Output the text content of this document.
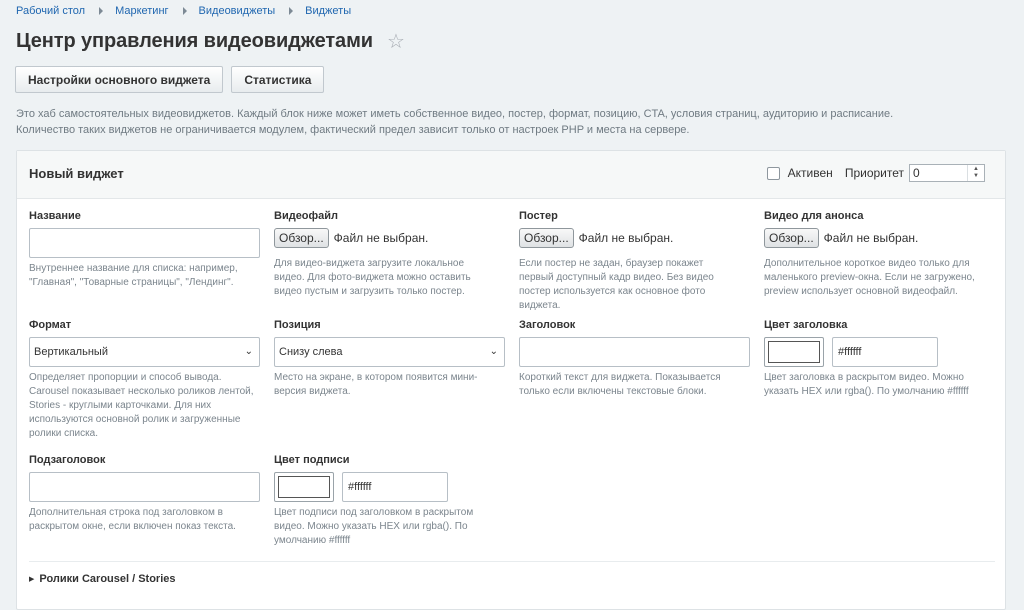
Рабочий стол	Маркетинг	Видеовиджеты	Виджеты
Центр управления видеовиджетами ☆
Настройки основного виджета	Статистика
Это хаб самостоятельных видеовиджетов. Каждый блок ниже может иметь собственное видео, постер, формат, позицию, CTA, условия страниц, аудиторию и расписание.
Количество таких виджетов не ограничивается модулем, фактический предел зависит только от настроек PHP и места на сервере.
Новый виджет	Активен Приоритет 0	▲
▼
Название
Внутреннее название для списка: например, "Главная", "Товарные страницы", "Лендинг".
Видеофайл
Обзор... Файл не выбран.
Для видео-виджета загрузите локальное видео. Для фото-виджета можно оставить видео пустым и загрузить только постер.
Постер
Обзор... Файл не выбран.
Если постер не задан, браузер покажет первый доступный кадр видео. Без видео постер используется как основное фото виджета.
Видео для анонса
Обзор... Файл не выбран.
Дополнительное короткое видео только для маленького preview-окна. Если не загружено, preview использует основной видеофайл.
Формат
Вертикальный	⌄
Определяет пропорции и способ вывода. Carousel показывает несколько роликов лентой, Stories - круглыми карточками. Для них используются основной ролик и загруженные ролики списка.
Позиция
Снизу слева	⌄
Место на экране, в котором появится мини-версия виджета.
Заголовок
Короткий текст для виджета. Показывается только если включены текстовые блоки.
Цвет заголовка
#ffffff
Цвет заголовка в раскрытом видео. Можно указать HEX или rgba(). По умолчанию #ffffff
Подзаголовок
Дополнительная строка под заголовком в раскрытом окне, если включен показ текста.
Цвет подписи
#ffffff
Цвет подписи под заголовком в раскрытом видео. Можно указать HEX или rgba(). По умолчанию #ffffff
▶ Ролики Carousel / Stories
